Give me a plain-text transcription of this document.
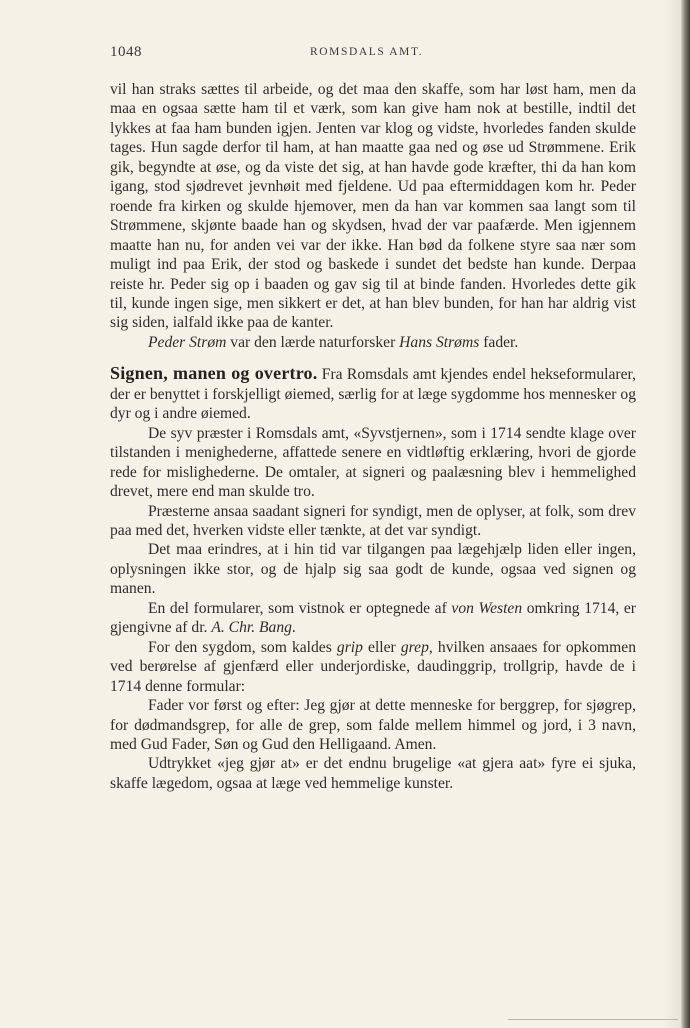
1048	ROMSDALS AMT.

vil han straks sættes til arbeide, og det maa den skaffe, som har løst ham, men da maa en ogsaa sætte ham til et værk, som kan give ham nok at bestille, indtil det lykkes at faa ham bunden igjen. Jenten var klog og vidste, hvorledes fanden skulde tages. Hun sagde derfor til ham, at han maatte gaa ned og øse ud Strømmene. Erik gik, begyndte at øse, og da viste det sig, at han havde gode kræfter, thi da han kom igang, stod sjødrevet jevnhøit med fjeldene. Ud paa eftermiddagen kom hr. Peder roende fra kirken og skulde hjemover, men da han var kommen saa langt som til Strømmene, skjønte baade han og skydsen, hvad der var paafærde. Men igjennem maatte han nu, for anden vei var der ikke. Han bød da folkene styre saa nær som muligt ind paa Erik, der stod og baskede i sundet det bedste han kunde. Derpaa reiste hr. Peder sig op i baaden og gav sig til at binde fanden. Hvorledes dette gik til, kunde ingen sige, men sikkert er det, at han blev bunden, for han har aldrig vist sig siden, ialfald ikke paa de kanter.

Peder Strøm var den lærde naturforsker Hans Strøms fader.

Signen, manen og overtro. Fra Romsdals amt kjendes endel hekseformularer, der er benyttet i forskjelligt øiemed, særlig for at læge sygdomme hos mennesker og dyr og i andre øiemed.

De syv præster i Romsdals amt, «Syvstjernen», som i 1714 sendte klage over tilstanden i menighederne, affattede senere en vidtløftig erklæring, hvori de gjorde rede for mislighederne. De omtaler, at signeri og paalæsning blev i hemmelighed drevet, mere end man skulde tro.

Præsterne ansaa saadant signeri for syndigt, men de oplyser, at folk, som drev paa med det, hverken vidste eller tænkte, at det var syndigt.

Det maa erindres, at i hin tid var tilgangen paa lægehjælp liden eller ingen, oplysningen ikke stor, og de hjalp sig saa godt de kunde, ogsaa ved signen og manen.

En del formularer, som vistnok er optegnede af von Westen omkring 1714, er gjengivne af dr. A. Chr. Bang.

For den sygdom, som kaldes grip eller grep, hvilken ansaaes for opkommen ved berørelse af gjenfærd eller underjordiske, daudinggrip, trollgrip, havde de i 1714 denne formular:

Fader vor først og efter: Jeg gjør at dette menneske for berggrep, for sjøgrep, for dødmandsgrep, for alle de grep, som falde mellem himmel og jord, i 3 navn, med Gud Fader, Søn og Gud den Helligaand. Amen.

Udtrykket «jeg gjør at» er det endnu brugelige «at gjera aat» fyre ei sjuka, skaffe lægedom, ogsaa at læge ved hemmelige kunster.
